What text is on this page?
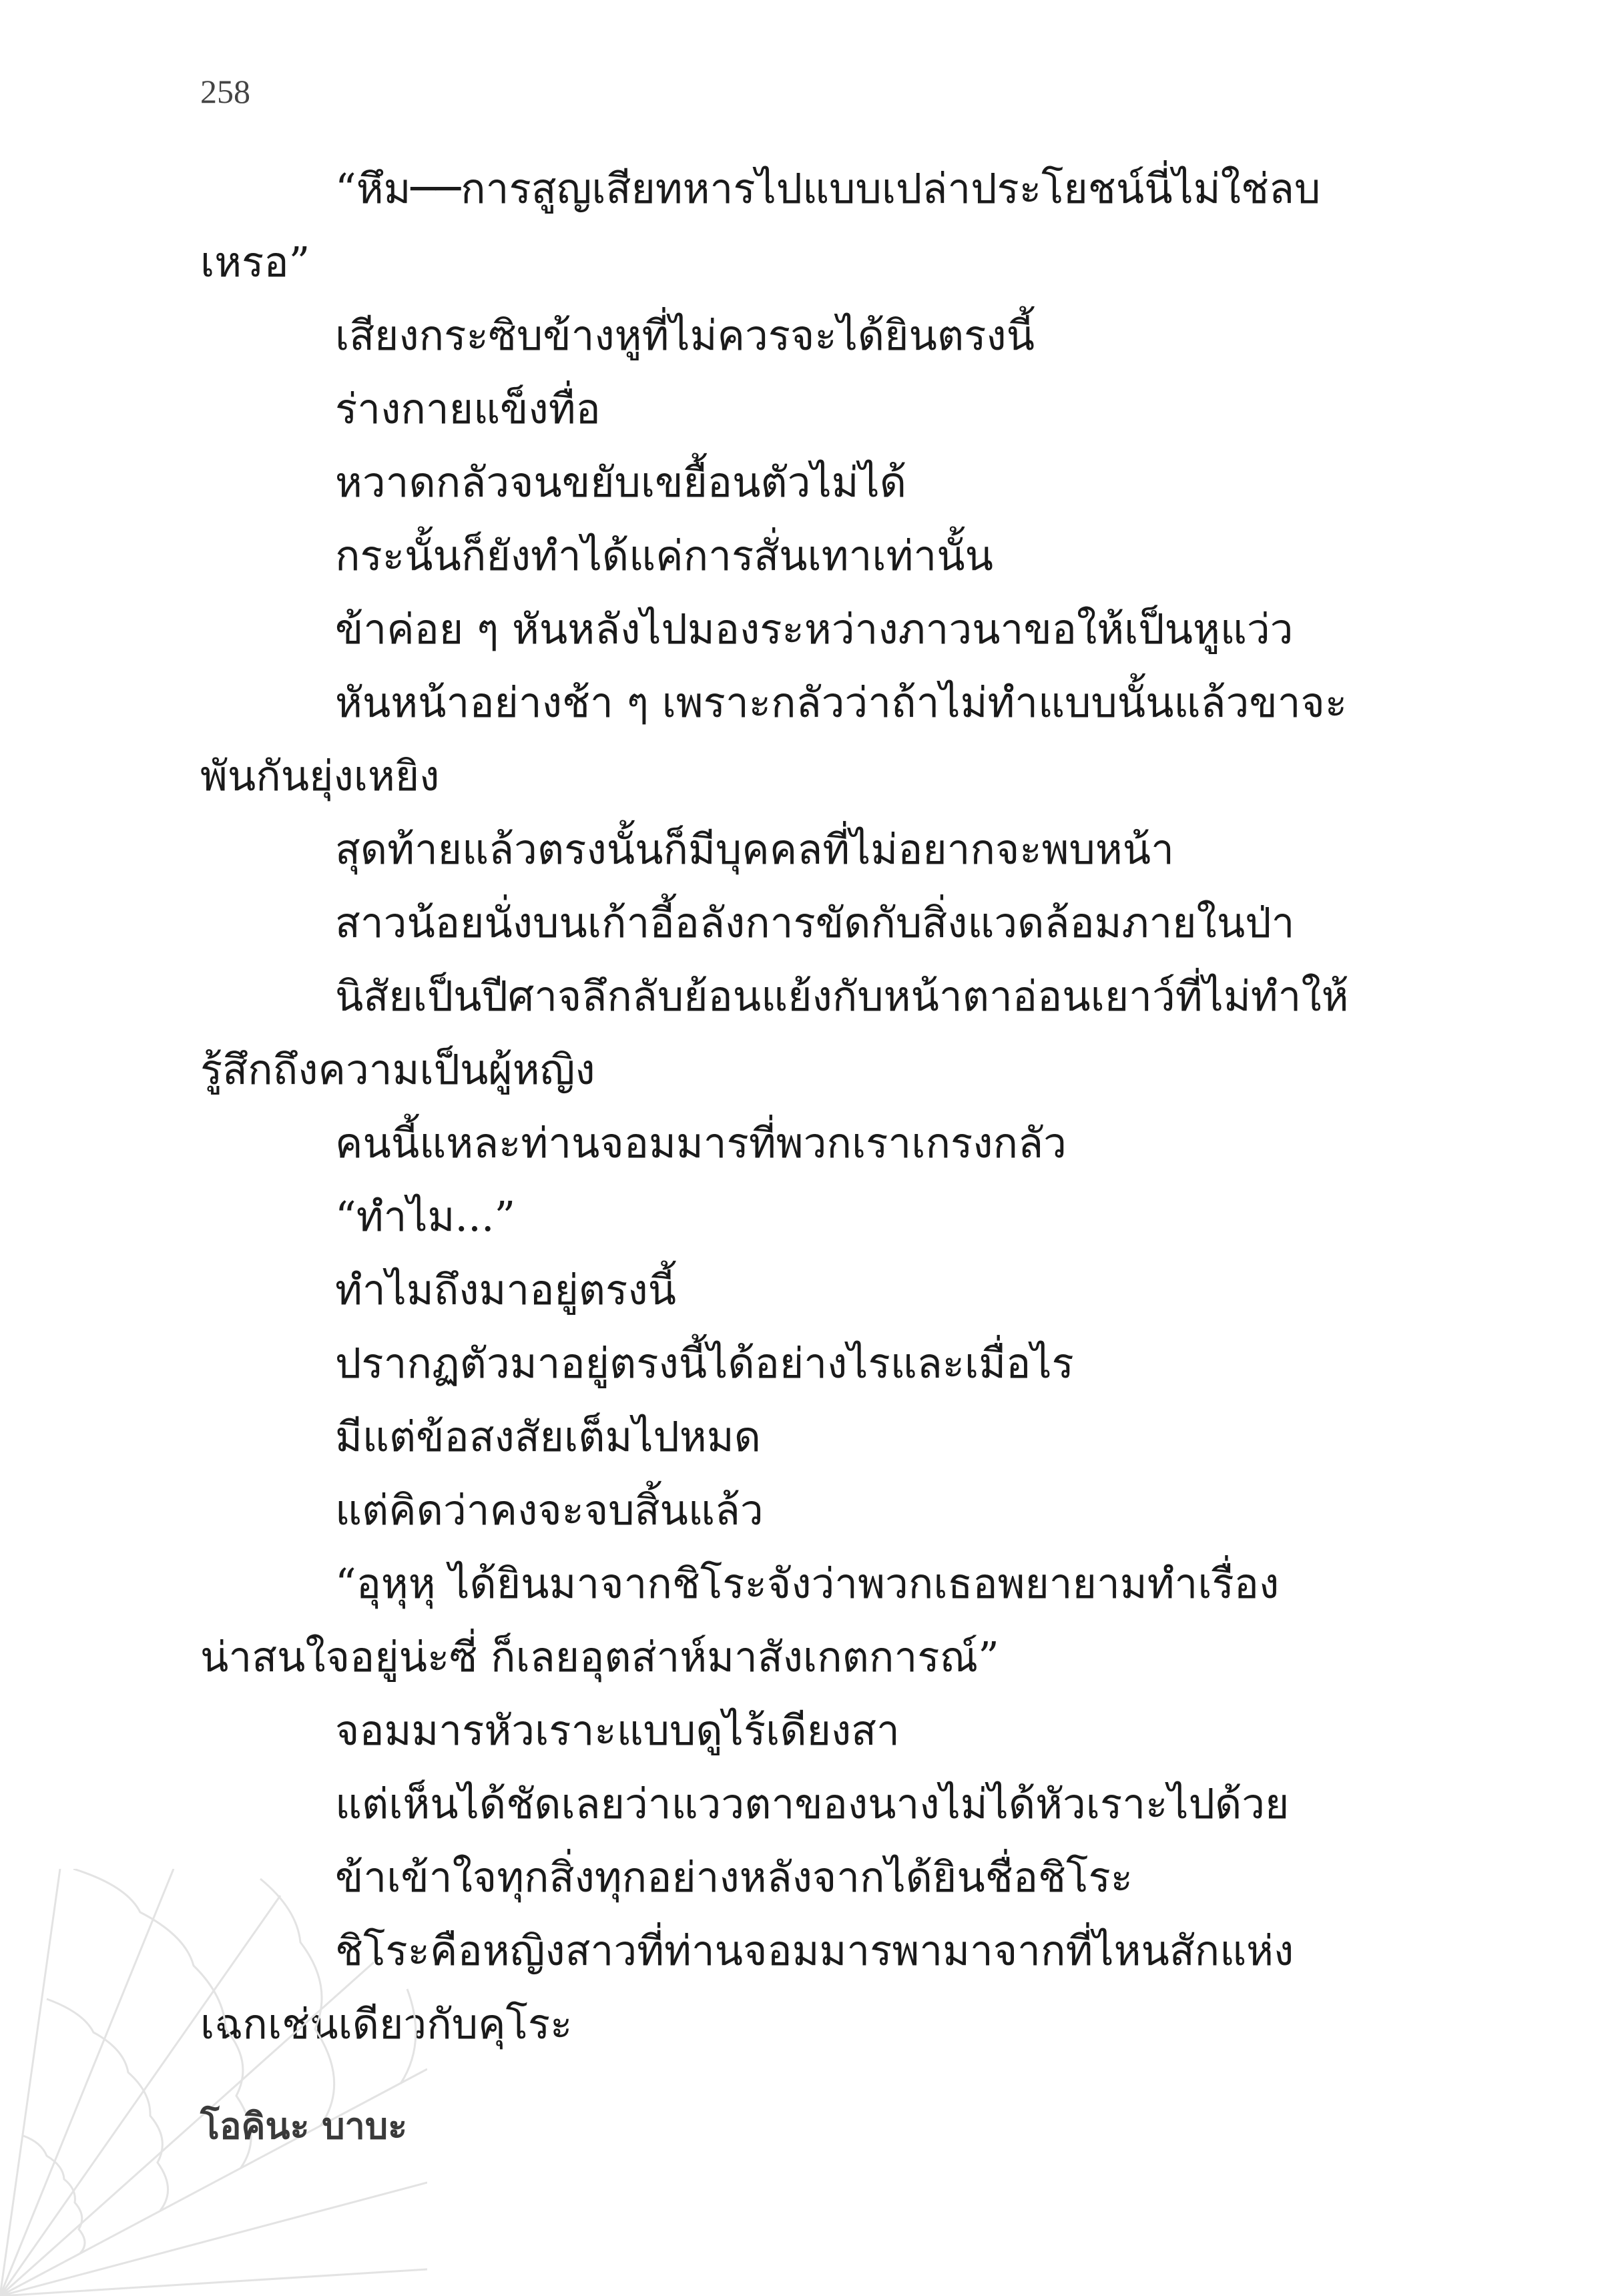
258
“หึม──การสูญเสียทหารไปแบบเปล่าประโยชน์นี่ไม่ใช่ลบ
เหรอ”
เสียงกระซิบข้างหูที่ไม่ควรจะได้ยินตรงนี้
ร่างกายแข็งทื่อ
หวาดกลัวจนขยับเขยื้อนตัวไม่ได้
กระนั้นก็ยังทำได้แค่การสั่นเทาเท่านั้น
ข้าค่อย ๆ หันหลังไปมองระหว่างภาวนาขอให้เป็นหูแว่ว
หันหน้าอย่างช้า ๆ เพราะกลัวว่าถ้าไม่ทำแบบนั้นแล้วขาจะ
พันกันยุ่งเหยิง
สุดท้ายแล้วตรงนั้นก็มีบุคคลที่ไม่อยากจะพบหน้า
สาวน้อยนั่งบนเก้าอี้อลังการขัดกับสิ่งแวดล้อมภายในป่า
นิสัยเป็นปีศาจลึกลับย้อนแย้งกับหน้าตาอ่อนเยาว์ที่ไม่ทำให้
รู้สึกถึงความเป็นผู้หญิง
คนนี้แหละท่านจอมมารที่พวกเราเกรงกลัว
“ทำไม...”
ทำไมถึงมาอยู่ตรงนี้
ปรากฏตัวมาอยู่ตรงนี้ได้อย่างไรและเมื่อไร
มีแต่ข้อสงสัยเต็มไปหมด
แต่คิดว่าคงจะจบสิ้นแล้ว
“อุหุหุ ได้ยินมาจากชิโระจังว่าพวกเธอพยายามทำเรื่อง
น่าสนใจอยู่น่ะซี่ ก็เลยอุตส่าห์มาสังเกตการณ์”
จอมมารหัวเราะแบบดูไร้เดียงสา
แต่เห็นได้ชัดเลยว่าแววตาของนางไม่ได้หัวเราะไปด้วย
ข้าเข้าใจทุกสิ่งทุกอย่างหลังจากได้ยินชื่อชิโระ
ชิโระคือหญิงสาวที่ท่านจอมมารพามาจากที่ไหนสักแห่ง
เฉกเช่นเดียวกับคุโระ
โอคินะ บาบะ
